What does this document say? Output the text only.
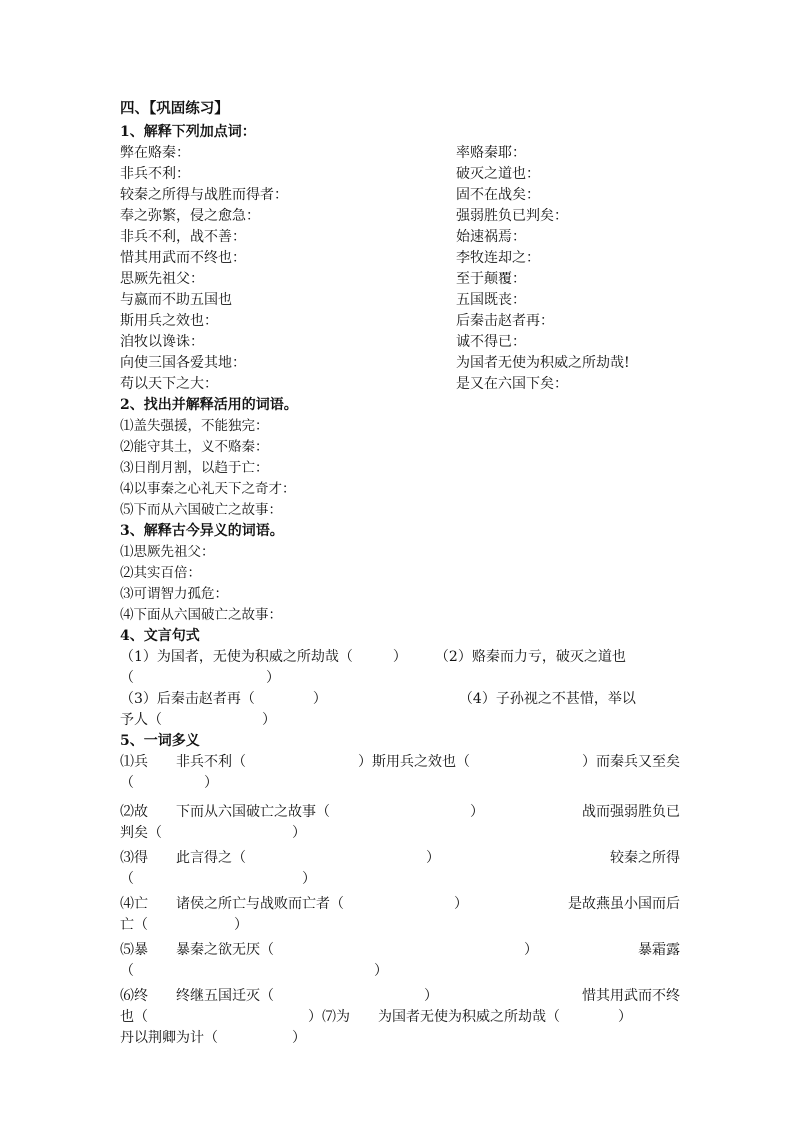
四、【巩固练习】
1、解释下列加点词：
弊在赂秦：	率赂秦耶：
非兵不利：	破灭之道也：
较秦之所得与战胜而得者：	固不在战矣：
奉之弥繁，侵之愈急：	强弱胜负已判矣：
非兵不利，战不善：	始速祸焉：
惜其用武而不终也：	李牧连却之：
思厥先祖父：	至于颠覆：
与嬴而不助五国也	五国既丧：
斯用兵之效也：	后秦击赵者再：
洎牧以谗诛：	诚不得已：
向使三国各爱其地：	为国者无使为积威之所劫哉!
苟以天下之大：	是又在六国下矣：
2、找出并解释活用的词语。
⑴盖失强援，不能独完：
⑵能守其土，义不赂秦：
⑶日削月割，以趋于亡：
⑷以事秦之心礼天下之奇才：
⑸下而从六国破亡之故事：
3、解释古今异义的词语。
⑴思厥先祖父：
⑵其实百倍：
⑶可谓智力孤危：
⑷下面从六国破亡之故事：
4、文言句式
（1）为国者，无使为积威之所劫哉（	） （2）赂秦而力亏，破灭之道也
（	）
（3）后秦击赵者再（	）	（4）子孙视之不甚惜，举以
予人（	）
5、一词多义
⑴兵　　非兵不利（	）斯用兵之效也（	）而秦兵又至矣
（	）
⑵故　　下而从六国破亡之故事（	）	战而强弱胜负已
判矣（	）
⑶得　　此言得之（	）	较秦之所得
（	）
⑷亡　　诸侯之所亡与战败而亡者（	）	是故燕虽小国而后
亡（	）
⑸暴　　暴秦之欲无厌（	）	暴霜露
（	）
⑹终　　终继五国迁灭（	）	惜其用武而不终
也（	）⑺为　　为国者无使为积威之所劫哉（	）
丹以荆卿为计（	）
